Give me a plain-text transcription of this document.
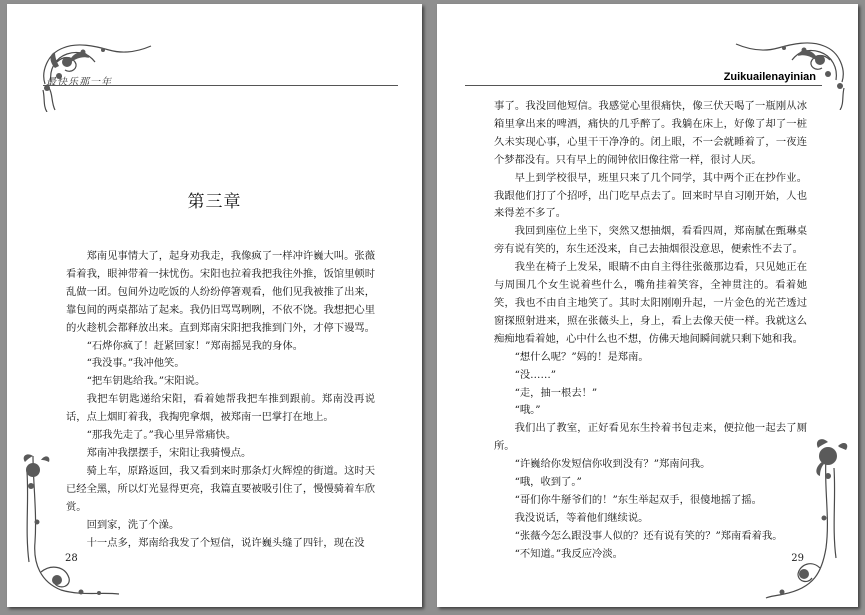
最快乐那一年
第三章

郑南见事情大了，起身劝我走，我像疯了一样冲许巍大叫。张薇看着我，眼神带着一抹忧伤。宋阳也拉着我把我往外推，饭馆里顿时乱做一团。包间外边吃饭的人纷纷停箸观看，他们见我被推了出来，靠包间的两桌都站了起来。我仍旧骂骂咧咧，不依不饶。我想把心里的火趁机会都释放出来。直到郑南宋阳把我推到门外，才停下谩骂。

“石烨你疯了！赶紧回家！”郑南摇晃我的身体。

“我没事。”我冲他笑。

“把车钥匙给我。”宋阳说。

我把车钥匙递给宋阳，看着她帮我把车推到跟前。郑南没再说话，点上烟盯着我，我掏兜拿烟，被郑南一巴掌打在地上。

“那我先走了。”我心里异常痛快。

郑南冲我摆摆手，宋阳让我骑慢点。

骑上车，原路返回，我又看到来时那条灯火辉煌的街道。这时天已经全黑，所以灯光显得更亮，我篇直要被吸引住了，慢慢骑着车欣赏。

回到家，洗了个澡。

十一点多，郑南给我发了个短信，说许巍头缝了四针，现在没

28
Zuikuailenayinian

事了。我没回他短信。我感觉心里很痛快，像三伏天喝了一瓶刚从冰箱里拿出来的啤酒，痛快的几乎醉了。我躺在床上，好像了却了一桩久未实现心事，心里干干净净的。闭上眼，不一会就睡着了，一夜连个梦都没有。只有早上的闹钟依旧像往常一样，很讨人厌。

早上到学校很早，班里只来了几个同学，其中两个正在抄作业。我跟他们打了个招呼，出门吃早点去了。回来时早自习刚开始，人也来得差不多了。

我回到座位上坐下，突然又想抽烟，看看四周，郑南腻在甄琳桌旁有说有笑的，东生还没来，自己去抽烟很没意思，便索性不去了。

我坐在椅子上发呆，眼睛不由自主得往张薇那边看，只见她正在与周围几个女生说着些什么，嘴角挂着笑容，全神贯注的。看着她笑，我也不由自主地笑了。其时太阳刚刚升起，一片金色的光芒透过窗探照射进来，照在张薇头上，身上，看上去像天使一样。我就这么痴痴地看着她，心中什么也不想，仿佛天地间瞬间就只剩下她和我。

“想什么呢？”妈的！是郑南。

“没……”

“走，抽一根去！”

“哦。”

我们出了教室，正好看见东生拎着书包走来，便拉他一起去了厕所。

“许巍给你发短信你收到没有？”郑南问我。

“哦，收到了。”

“哥们你牛掰爷们的！”东生举起双手，很傻地摇了摇。

我没说话，等着他们继续说。

“张薇今怎么跟没事人似的？还有说有笑的？”郑南看着我。

“不知道。”我反应冷淡。	29
